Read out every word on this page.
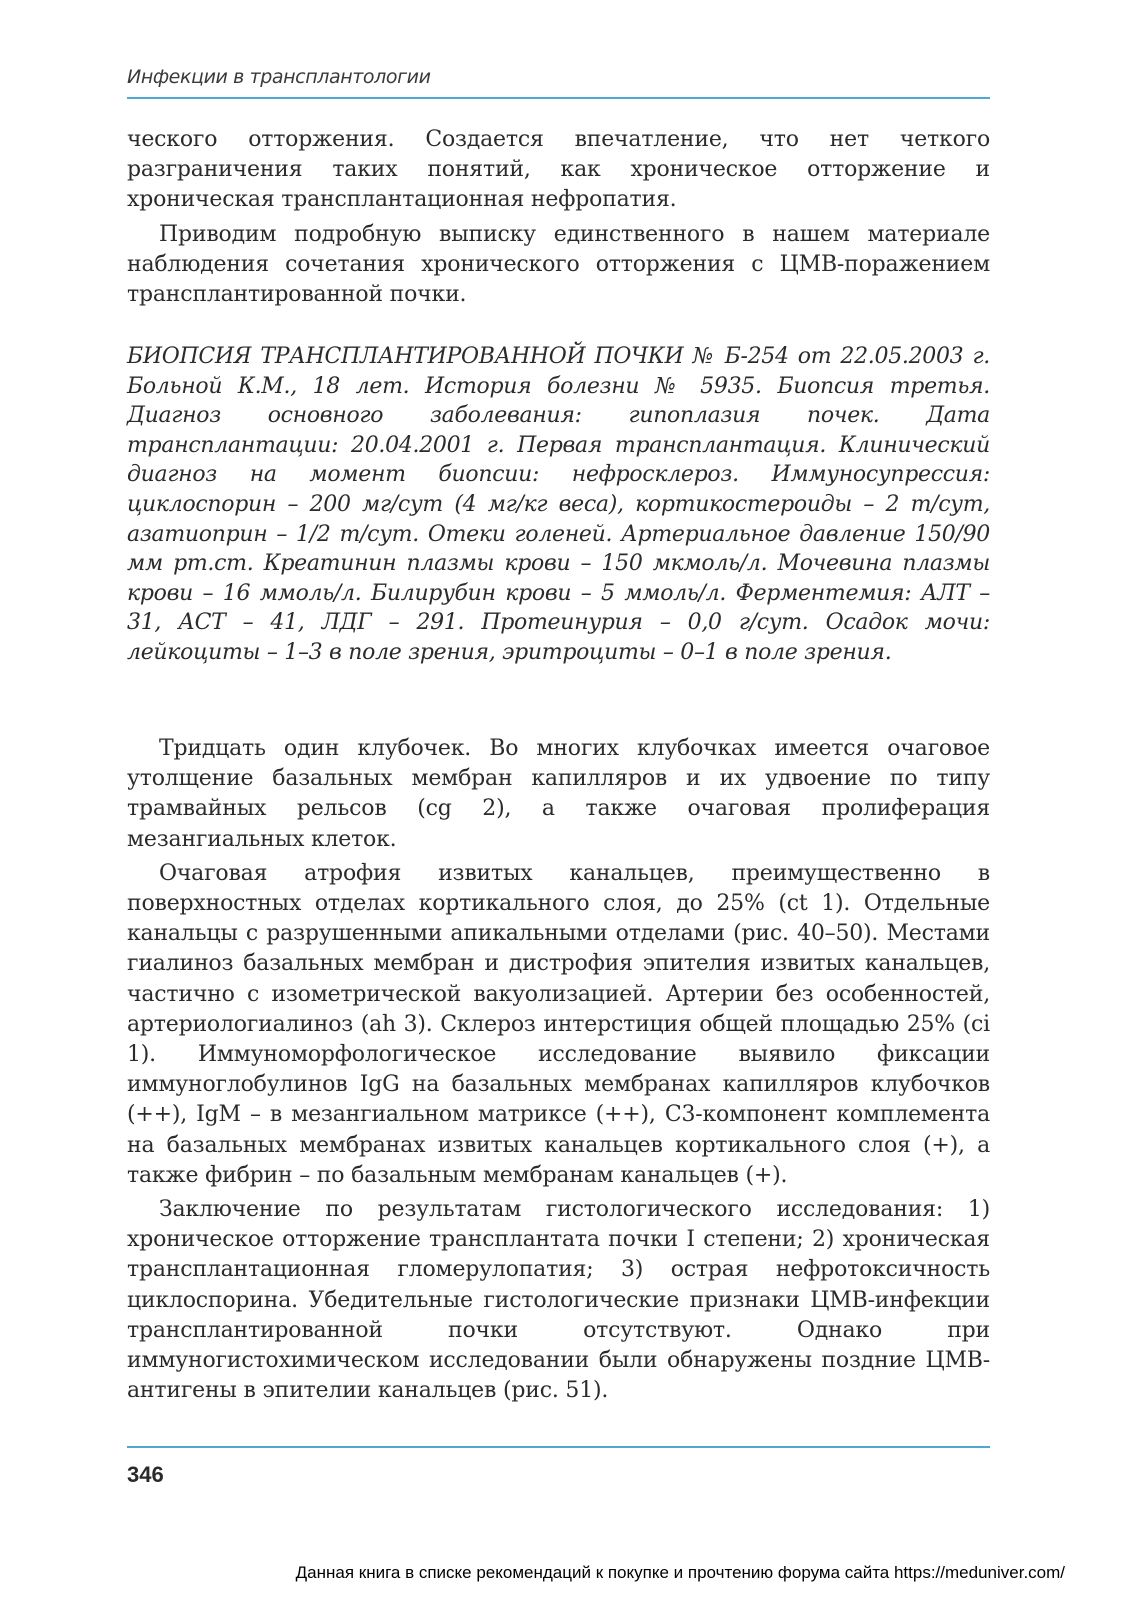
Инфекции в трансплантологии

ческого отторжения. Создается впечатление, что нет четкого разграничения таких понятий, как хроническое отторжение и хроническая трансплантационная нефропатия.

Приводим подробную выписку единственного в нашем материале наблюдения сочетания хронического отторжения с ЦМВ-поражением трансплантированной почки.

БИОПСИЯ ТРАНСПЛАНТИРОВАННОЙ ПОЧКИ № Б-254 от 22.05.2003 г. Больной К.М., 18 лет. История болезни № 5935. Биопсия третья. Диагноз основного заболевания: гипоплазия почек. Дата трансплантации: 20.04.2001 г. Первая трансплантация. Клинический диагноз на момент биопсии: нефросклероз. Иммуносупрессия: циклоспорин – 200 мг/сут (4 мг/кг веса), кортикостероиды – 2 т/сут, азатиоприн – 1/2 т/сут. Отеки голеней. Артериальное давление 150/90 мм рт.ст. Креатинин плазмы крови – 150 мкмоль/л. Мочевина плазмы крови – 16 ммоль/л. Билирубин крови – 5 ммоль/л. Ферментемия: АЛТ – 31, АСТ – 41, ЛДГ – 291. Протеинурия – 0,0 г/сут. Осадок мочи: лейкоциты – 1–3 в поле зрения, эритроциты – 0–1 в поле зрения.

Тридцать один клубочек. Во многих клубочках имеется очаговое утолщение базальных мембран капилляров и их удвоение по типу трамвайных рельсов (cg 2), а также очаговая пролиферация мезангиальных клеток.

Очаговая атрофия извитых канальцев, преимущественно в поверхностных отделах кортикального слоя, до 25% (ct 1). Отдельные канальцы с разрушенными апикальными отделами (рис. 40–50). Местами гиалиноз базальных мембран и дистрофия эпителия извитых канальцев, частично с изометрической вакуолизацией. Артерии без особенностей, артериологиалиноз (ah 3). Склероз интерстиция общей площадью 25% (ci 1). Иммуноморфологическое исследование выявило фиксации иммуноглобулинов IgG на базальных мембранах капилляров клубочков (++), IgM – в мезангиальном матриксе (++), С3-компонент комплемента на базальных мембранах извитых канальцев кортикального слоя (+), а также фибрин – по базальным мембранам канальцев (+).

Заключение по результатам гистологического исследования: 1) хроническое отторжение трансплантата почки I степени; 2) хроническая трансплантационная гломерулопатия; 3) острая нефротоксичность циклоспорина. Убедительные гистологические признаки ЦМВ-инфекции трансплантированной почки отсутствуют. Однако при иммуногистохимическом исследовании были обнаружены поздние ЦМВ-антигены в эпителии канальцев (рис. 51).

346
Данная книга в списке рекомендаций к покупке и прочтению форума сайта https://meduniver.com/
